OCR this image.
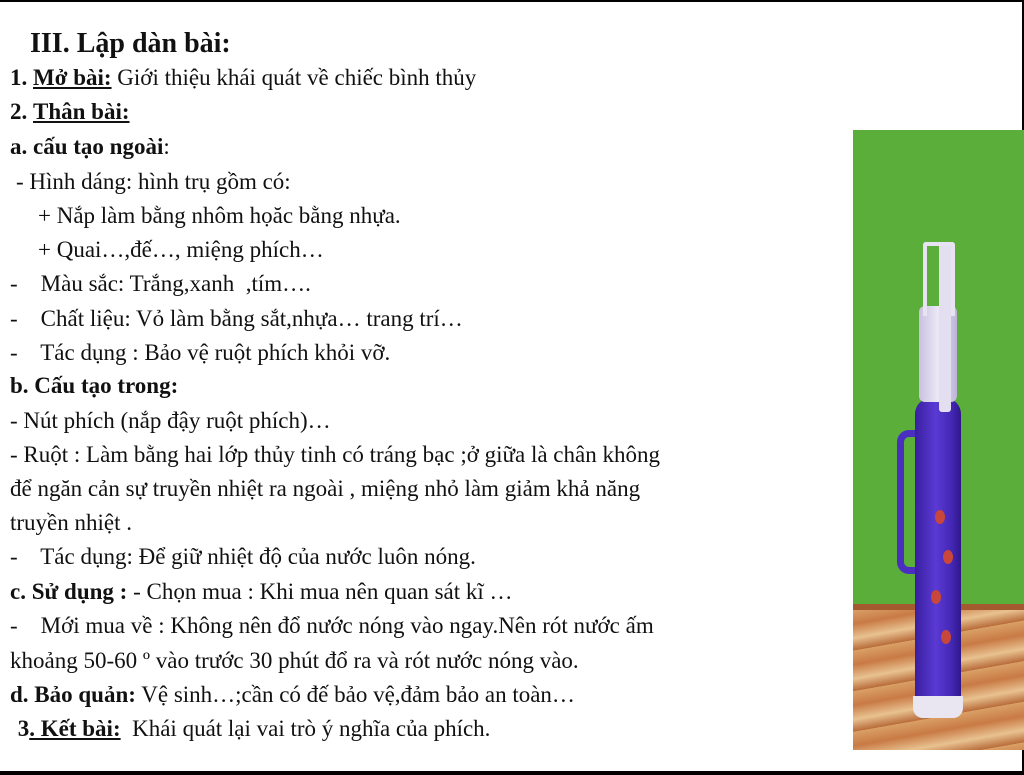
III. Lập dàn bài:
1. Mở bài: Giới thiệu khái quát về chiếc bình thủy
2. Thân bài:
a. cấu tạo ngoài:
- Hình dáng: hình trụ gồm có:
+ Nắp làm bằng nhôm họăc bằng nhựa.
+ Quai…,đế…, miệng phích…
-    Màu sắc: Trắng,xanh  ,tím….
-    Chất liệu: Vỏ làm bằng sắt,nhựa… trang trí…
-    Tác dụng : Bảo vệ ruột phích khỏi vỡ.
b. Cấu tạo trong:
- Nút phích (nắp đậy ruột phích)…
- Ruột : Làm bằng hai lớp thủy tinh có tráng bạc ;ở giữa là chân không
để ngăn cản sự truyền nhiệt ra ngoài , miệng nhỏ làm giảm khả năng
truyền nhiệt .
-    Tác dụng: Để giữ nhiệt độ của nước luôn nóng.
c. Sử dụng : - Chọn mua : Khi mua nên quan sát kĩ …
-    Mới mua về : Không nên đổ nước nóng vào ngay.Nên rót nước ấm
khoảng 50-60 º vào trước 30 phút đổ ra và rót nước nóng vào.
d. Bảo quản: Vệ sinh…;cần có đế bảo vệ,đảm bảo an toàn…
3. Kết bài:  Khái quát lại vai trò ý nghĩa của phích.
